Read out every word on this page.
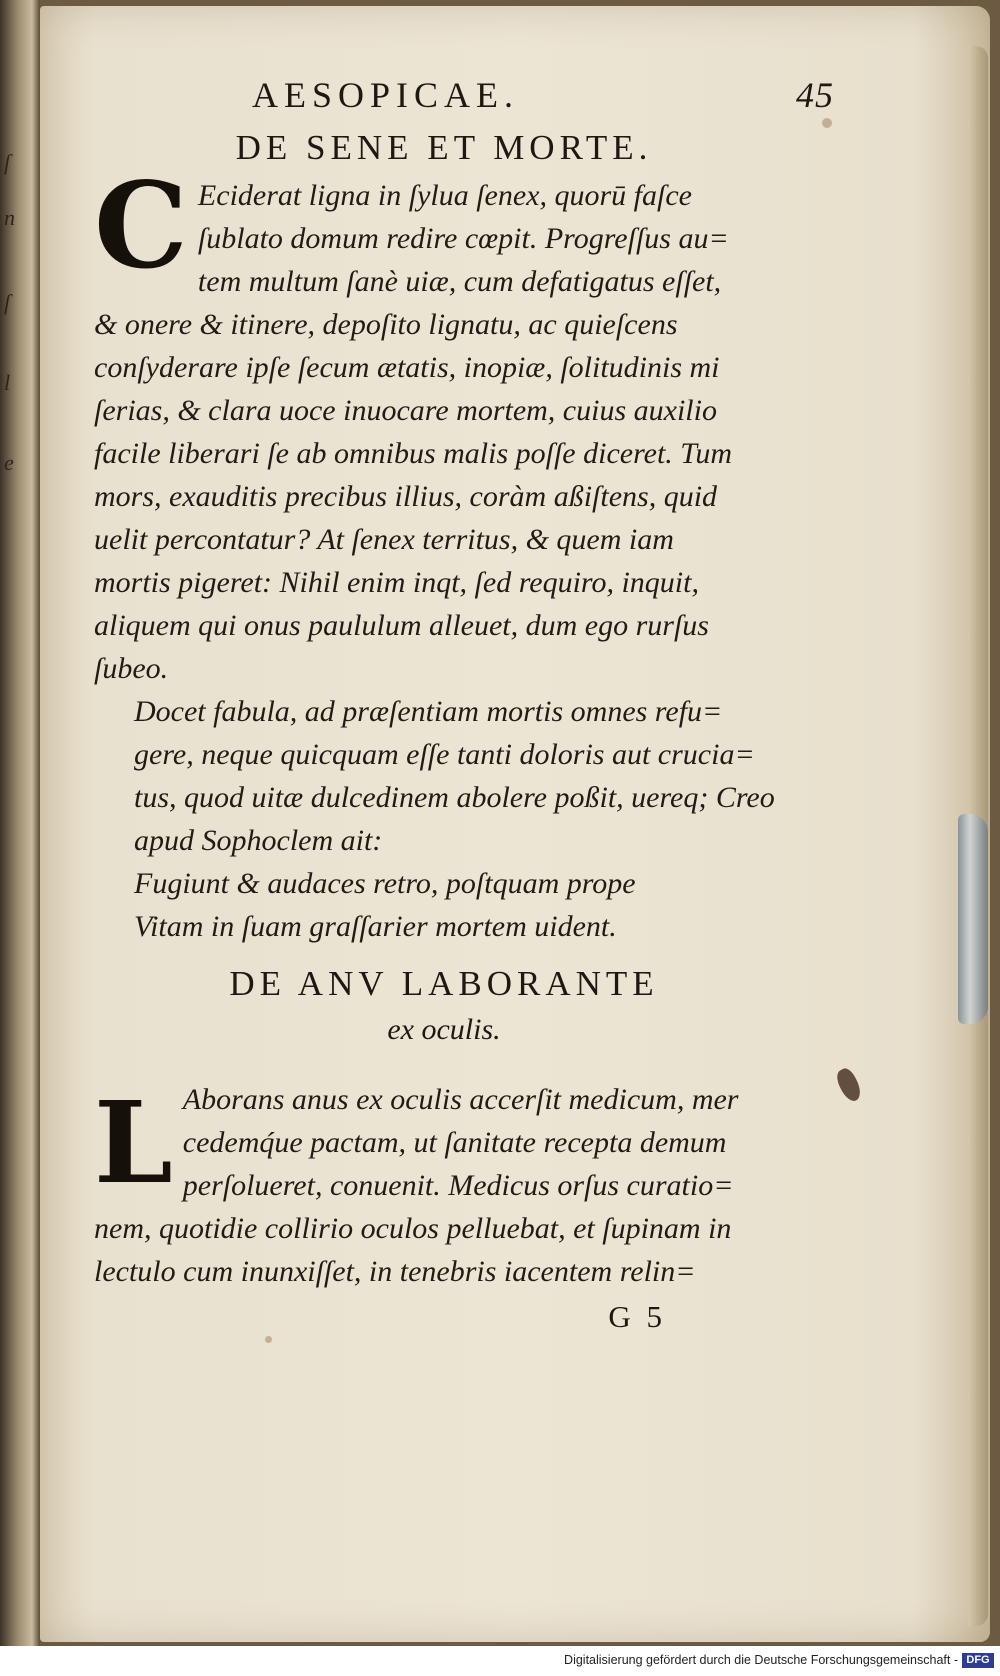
ſ
n
ſ
l
e
AESOPICAE.	45
DE SENE ET MORTE.
C Eciderat ligna in ſylua ſenex, quorū faſce
ſublato domum redire cœpit. Progreſſus au=
tem multum ſanè uiæ, cum defatigatus eſſet,
& onere & itinere, depoſito lignatu, ac quieſcens
conſyderare ipſe ſecum ætatis, inopiæ, ſolitudinis mi
ſerias, & clara uoce inuocare mortem, cuius auxilio
facile liberari ſe ab omnibus malis poſſe diceret. Tum
mors, exauditis precibus illius, coràm aßiſtens, quid
uelit percontatur? At ſenex territus, & quem iam
mortis pigeret: Nihil enim inqt, ſed requiro, inquit,
aliquem qui onus paululum alleuet, dum ego rurſus
ſubeo.

Docet fabula, ad præſentiam mortis omnes refu=
gere, neque quicquam eſſe tanti doloris aut crucia=
tus, quod uitæ dulcedinem abolere poßit, uereq; Creo
apud Sophoclem ait:

Fugiunt & audaces retro, poſtquam prope
Vitam in ſuam graſſarier mortem uident.
DE ANV LABORANTE
ex oculis.
L Aborans anus ex oculis accerſit medicum, mer
cedemq́ue pactam, ut ſanitate recepta demum
perſolueret, conuenit. Medicus orſus curatio=
nem, quotidie collirio oculos pelluebat, et ſupinam in
lectulo cum inunxiſſet, in tenebris iacentem relin=

G 5
Digitalisierung gefördert durch die Deutsche Forschungsgemeinschaft - DFG
